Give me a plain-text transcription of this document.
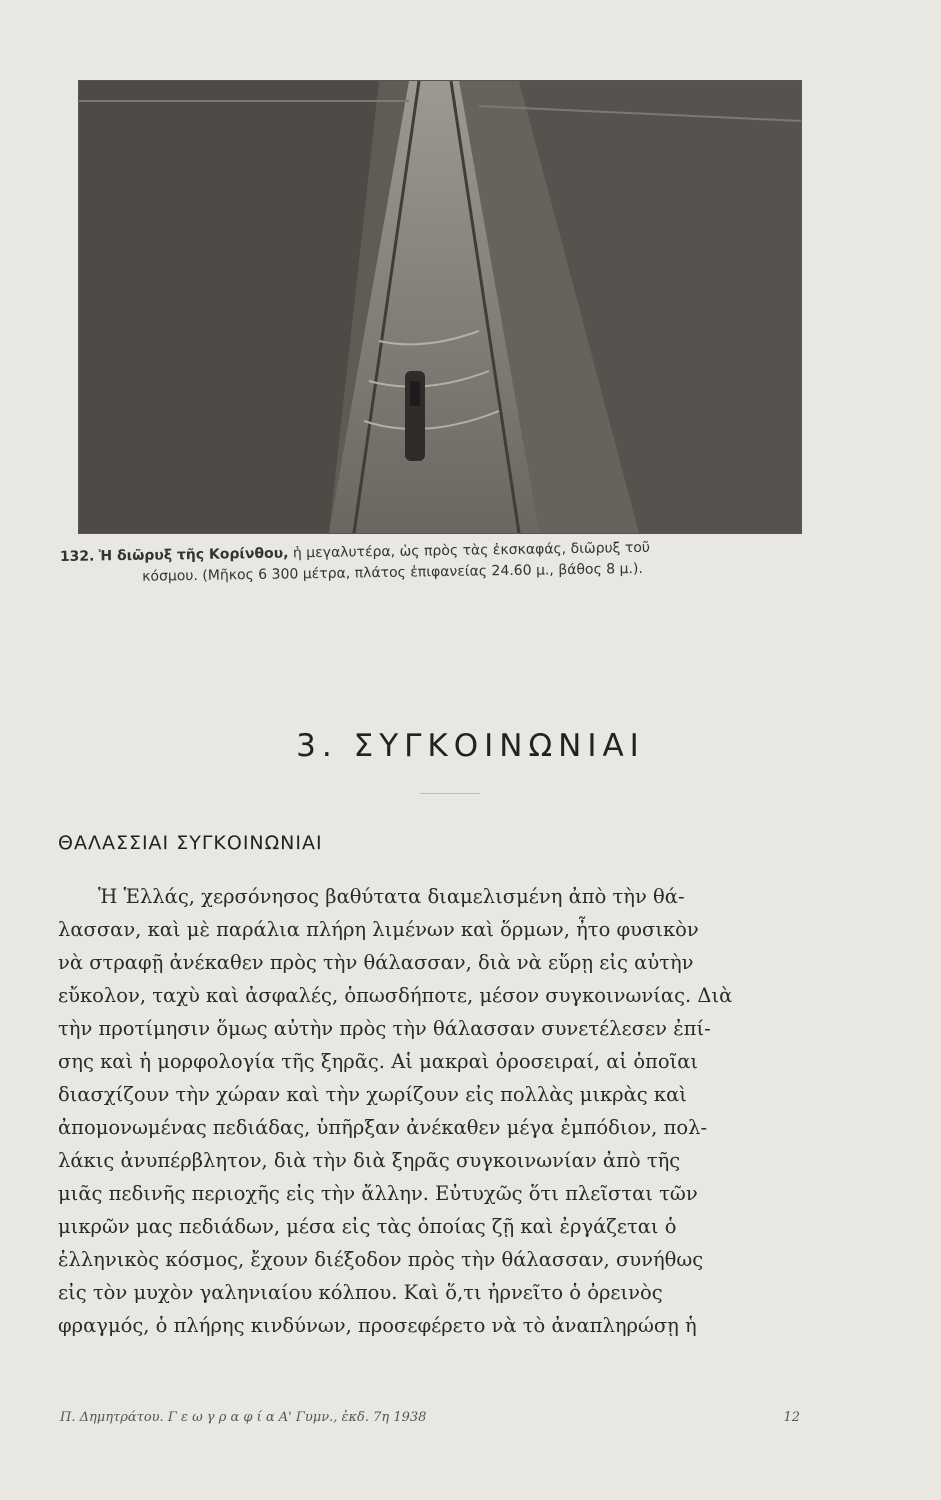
132. Ἡ διῶρυξ τῆς Κορίνθου, ἡ μεγαλυτέρα, ὡς πρὸς τὰς ἐκσκαφάς, διῶρυξ τοῦ
κόσμου. (Μῆκος 6 300 μέτρα, πλάτος ἐπιφανείας 24.60 μ., βάθος 8 μ.).
3. ΣΥΓΚΟΙΝΩΝΙΑΙ
ΘΑΛΑΣΣΙΑΙ ΣΥΓΚΟΙΝΩΝΙΑΙ
Ἡ Ἑλλάς, χερσόνησος βαθύτατα διαμελισμένη ἀπὸ τὴν θά-
λασσαν, καὶ μὲ παράλια πλήρη λιμένων καὶ ὅρμων, ἦτο φυσικὸν
νὰ στραφῇ ἀνέκαθεν πρὸς τὴν θάλασσαν, διὰ νὰ εὕρῃ εἰς αὐτὴν
εὔκολον, ταχὺ καὶ ἀσφαλές, ὁπωσδήποτε, μέσον συγκοινωνίας. Διὰ
τὴν προτίμησιν ὅμως αὐτὴν πρὸς τὴν θάλασσαν συνετέλεσεν ἐπί-
σης καὶ ἡ μορφολογία τῆς ξηρᾶς. Αἱ μακραὶ ὀροσειραί, αἱ ὁποῖαι
διασχίζουν τὴν χώραν καὶ τὴν χωρίζουν εἰς πολλὰς μικρὰς καὶ
ἀπομονωμένας πεδιάδας, ὑπῆρξαν ἀνέκαθεν μέγα ἐμπόδιον, πολ-
λάκις ἀνυπέρβλητον, διὰ τὴν διὰ ξηρᾶς συγκοινωνίαν ἀπὸ τῆς
μιᾶς πεδινῆς περιοχῆς εἰς τὴν ἄλλην. Εὐτυχῶς ὅτι πλεῖσται τῶν
μικρῶν μας πεδιάδων, μέσα εἰς τὰς ὁποίας ζῇ καὶ ἐργάζεται ὁ
ἑλληνικὸς κόσμος, ἔχουν διέξοδον πρὸς τὴν θάλασσαν, συνήθως
εἰς τὸν μυχὸν γαληνιαίου κόλπου. Καὶ ὅ,τι ἠρνεῖτο ὁ ὀρεινὸς
φραγμός, ὁ πλήρης κινδύνων, προσεφέρετο νὰ τὸ ἀναπληρώσῃ ἡ
Π. Δημητράτου. Γ ε ω γ ρ α φ ί α Α' Γυμν., ἐκδ. 7η 1938	12
